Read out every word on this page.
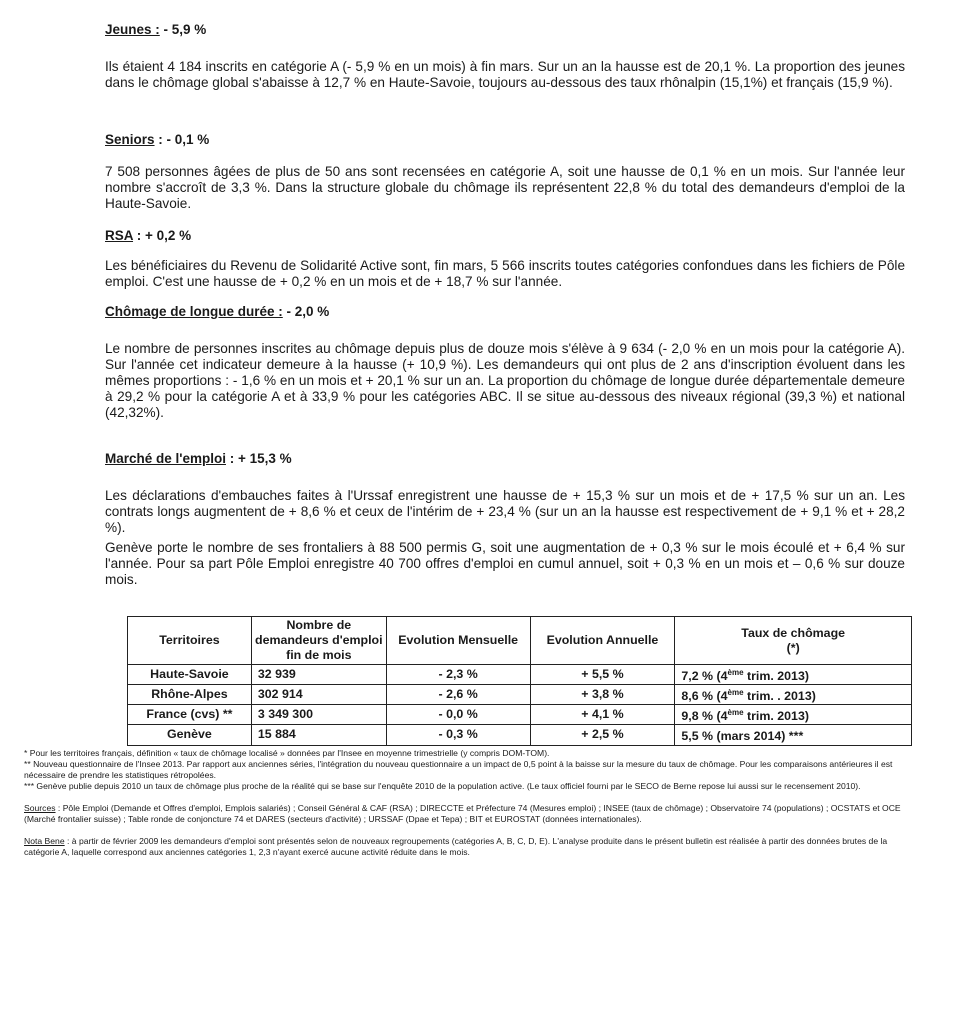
Jeunes : - 5,9 %

Ils étaient 4 184 inscrits en catégorie A (- 5,9 % en un mois) à fin mars. Sur un an la hausse est de 20,1 %. La proportion des jeunes dans le chômage global s'abaisse à 12,7 % en Haute-Savoie, toujours au-dessous des taux rhônalpin (15,1%) et français (15,9 %).

Seniors : - 0,1 %

7 508 personnes âgées de plus de 50 ans sont recensées en catégorie A, soit une hausse de 0,1 % en un mois. Sur l'année leur nombre s'accroît de 3,3 %. Dans la structure globale du chômage ils représentent 22,8 % du total des demandeurs d'emploi de la Haute-Savoie.

RSA : + 0,2 %

Les bénéficiaires du Revenu de Solidarité Active sont, fin mars, 5 566 inscrits toutes catégories confondues dans les fichiers de Pôle emploi. C'est une hausse de + 0,2 % en un mois et de + 18,7 % sur l'année.

Chômage de longue durée : - 2,0 %

Le nombre de personnes inscrites au chômage depuis plus de douze mois s'élève à 9 634 (- 2,0 % en un mois pour la catégorie A). Sur l'année cet indicateur demeure à la hausse (+ 10,9 %). Les demandeurs qui ont plus de 2 ans d'inscription évoluent dans les mêmes proportions : - 1,6 % en un mois et + 20,1 % sur un an. La proportion du chômage de longue durée départementale demeure à 29,2 % pour la catégorie A et à 33,9 % pour les catégories ABC. Il se situe au-dessous des niveaux régional (39,3 %) et national (42,32%).

Marché de l'emploi : + 15,3 %

Les déclarations d'embauches faites à l'Urssaf enregistrent une hausse de + 15,3 % sur un mois et de + 17,5 % sur un an. Les contrats longs augmentent de + 8,6 % et ceux de l'intérim de + 23,4 % (sur un an la hausse est respectivement de + 9,1 % et + 28,2 %).

Genève porte le nombre de ses frontaliers à 88 500 permis G, soit une augmentation de + 0,3 % sur le mois écoulé et + 6,4 % sur l'année. Pour sa part Pôle Emploi enregistre 40 700 offres d'emploi en cumul annuel, soit + 0,3 % en un mois et – 0,6 % sur douze mois.

Territoires	Nombre de demandeurs d'emploi fin de mois	Evolution Mensuelle	Evolution Annuelle	Taux de chômage
(*)
Haute-Savoie	32 939	- 2,3 %	+ 5,5 %	7,2 % (4ème trim. 2013)
Rhône-Alpes	302 914	- 2,6 %	+ 3,8 %	8,6 % (4ème trim. . 2013)
France (cvs) **	3 349 300	- 0,0 %	+ 4,1 %	9,8 % (4ème trim. 2013)
Genève	15 884	- 0,3 %	+ 2,5 %	5,5 % (mars 2014) ***

* Pour les territoires français, définition « taux de chômage localisé » données par l'Insee en moyenne trimestrielle (y compris DOM-TOM).

** Nouveau questionnaire de l'Insee 2013. Par rapport aux anciennes séries, l'intégration du nouveau questionnaire a un impact de 0,5 point à la baisse sur la mesure du taux de chômage. Pour les comparaisons antérieures il est nécessaire de prendre les statistiques rétropolées.

*** Genève publie depuis 2010 un taux de chômage plus proche de la réalité qui se base sur l'enquête 2010 de la population active. (Le taux officiel fourni par le SECO de Berne repose lui aussi sur le recensement 2010).

Sources : Pôle Emploi (Demande et Offres d'emploi, Emplois salariés) ; Conseil Général & CAF (RSA) ; DIRECCTE et Préfecture 74 (Mesures emploi) ; INSEE (taux de chômage) ; Observatoire 74 (populations) ; OCSTATS et OCE (Marché frontalier suisse) ; Table ronde de conjoncture 74 et DARES (secteurs d'activité) ; URSSAF (Dpae et Tepa) ; BIT et EUROSTAT (données internationales).

Nota Bene : à partir de février 2009 les demandeurs d'emploi sont présentés selon de nouveaux regroupements (catégories A, B, C, D, E). L'analyse produite dans le présent bulletin est réalisée à partir des données brutes de la catégorie A, laquelle correspond aux anciennes catégories 1, 2,3 n'ayant exercé aucune activité réduite dans le mois.
